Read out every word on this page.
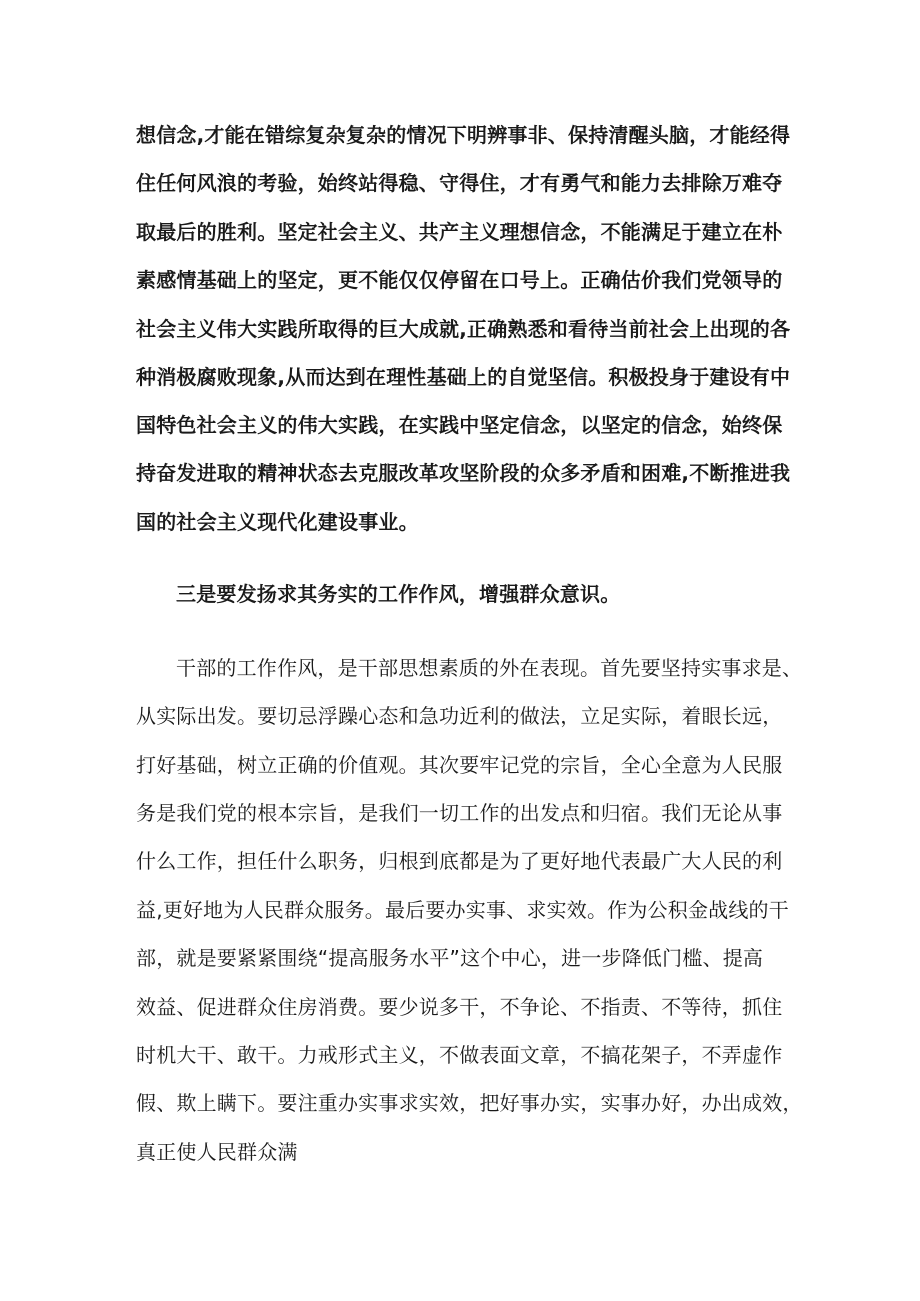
想信念,才能在错综复杂复杂的情况下明辨事非、保持清醒头脑，才能经得
住任何风浪的考验，始终站得稳、守得住，才有勇气和能力去排除万难夺
取最后的胜利。坚定社会主义、共产主义理想信念，不能满足于建立在朴
素感情基础上的坚定，更不能仅仅停留在口号上。正确估价我们党领导的
社会主义伟大实践所取得的巨大成就,正确熟悉和看待当前社会上出现的各
种消极腐败现象,从而达到在理性基础上的自觉坚信。积极投身于建设有中
国特色社会主义的伟大实践，在实践中坚定信念，以坚定的信念，始终保
持奋发进取的精神状态去克服改革攻坚阶段的众多矛盾和困难,不断推进我
国的社会主义现代化建设事业。
三是要发扬求其务实的工作作风，增强群众意识。
干部的工作作风，是干部思想素质的外在表现。首先要坚持实事求是、
从实际出发。要切忌浮躁心态和急功近利的做法，立足实际，着眼长远，
打好基础，树立正确的价值观。其次要牢记党的宗旨，全心全意为人民服
务是我们党的根本宗旨，是我们一切工作的出发点和归宿。我们无论从事
什么工作，担任什么职务，归根到底都是为了更好地代表最广大人民的利
益,更好地为人民群众服务。最后要办实事、求实效。作为公积金战线的干
部，就是要紧紧围绕“提高服务水平”这个中心，进一步降低门槛、提高
效益、促进群众住房消费。要少说多干，不争论、不指责、不等待，抓住
时机大干、敢干。力戒形式主义，不做表面文章，不搞花架子，不弄虚作
假、欺上瞒下。要注重办实事求实效，把好事办实，实事办好，办出成效，
真正使人民群众满
